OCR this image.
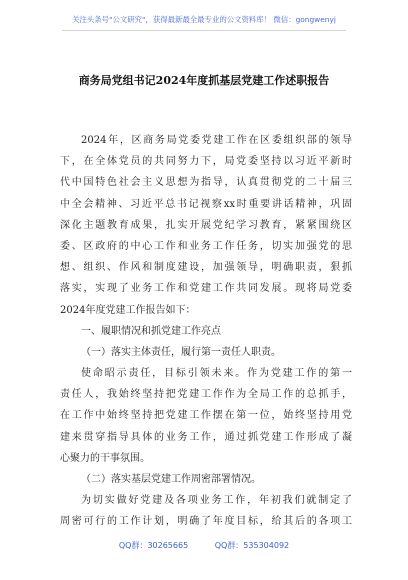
关注头条号"公文研究"，获得最新最全最专业的公文资料库！ 微信：gongwenyj
商务局党组书记2024年度抓基层党建工作述职报告
2024年，区商务局党委党建工作在区委组织部的领导
下，在全体党员的共同努力下，局党委坚持以习近平新时
代中国特色社会主义思想为指导，认真贯彻党的二十届三
中全会精神、习近平总书记视察xx时重要讲话精神，巩固
深化主题教育成果，扎实开展党纪学习教育，紧紧围绕区
委、区政府的中心工作和业务工作任务，切实加强党的思
想、组织、作风和制度建设，加强领导，明确职责，狠抓
落实，实现了业务工作和党建工作共同发展。现将局党委
2024年度党建工作报告如下：
一、履职情况和抓党建工作亮点
（一）落实主体责任，履行第一责任人职责。
使命昭示责任，目标引领未来。作为党建工作的第一
责任人，我始终坚持把党建工作作为全局工作的总抓手，
在工作中始终坚持把党建工作摆在第一位，始终坚持用党
建来贯穿指导具体的业务工作，通过抓党建工作形成了凝
心聚力的干事氛围。
（二）落实基层党建工作周密部署情况。
为切实做好党建及各项业务工作，年初我们就制定了
周密可行的工作计划，明确了年度目标，给其后的各项工
QQ群：30265665	QQ群：535304092
